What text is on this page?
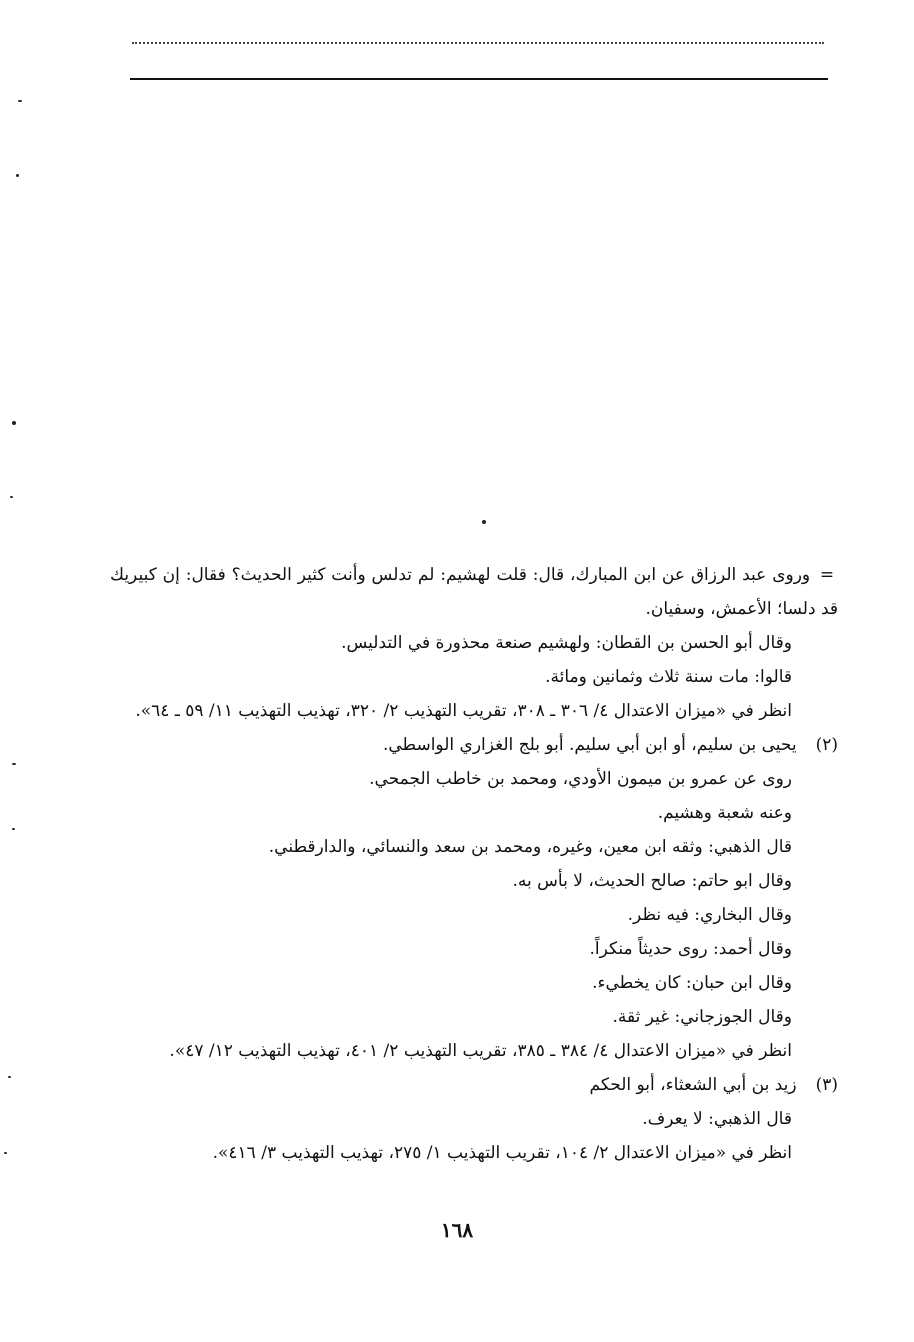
= وروى عبد الرزاق عن ابن المبارك، قال: قلت لهشيم: لم تدلس وأنت كثير الحديث؟ فقال: إن كبيريك قد دلسا؛ الأعمش، وسفيان.
وقال أبو الحسن بن القطان: ولهشيم صنعة محذورة في التدليس.
قالوا: مات سنة ثلاث وثمانين ومائة.
انظر في «ميزان الاعتدال ٤/ ٣٠٦ ـ ٣٠٨، تقريب التهذيب ٢/ ٣٢٠، تهذيب التهذيب ١١/ ٥٩ ـ ٦٤».
(٢) يحيى بن سليم، أو ابن أبي سليم. أبو بلج الغزاري الواسطي.
روى عن عمرو بن ميمون الأودي، ومحمد بن خاطب الجمحي.
وعنه شعبة وهشيم.
قال الذهبي: وثقه ابن معين، وغيره، ومحمد بن سعد والنسائي، والدارقطني.
وقال ابو حاتم: صالح الحديث، لا بأس به.
وقال البخاري: فيه نظر.
وقال أحمد: روى حديثاً منكراً.
وقال ابن حبان: كان يخطيء.
وقال الجوزجاني: غير ثقة.
انظر في «ميزان الاعتدال ٤/ ٣٨٤ ـ ٣٨٥، تقريب التهذيب ٢/ ٤٠١، تهذيب التهذيب ١٢/ ٤٧».
(٣) زيد بن أبي الشعثاء، أبو الحكم
قال الذهبي: لا يعرف.
انظر في «ميزان الاعتدال ٢/ ١٠٤، تقريب التهذيب ١/ ٢٧٥، تهذيب التهذيب ٣/ ٤١٦».
١٦٨
